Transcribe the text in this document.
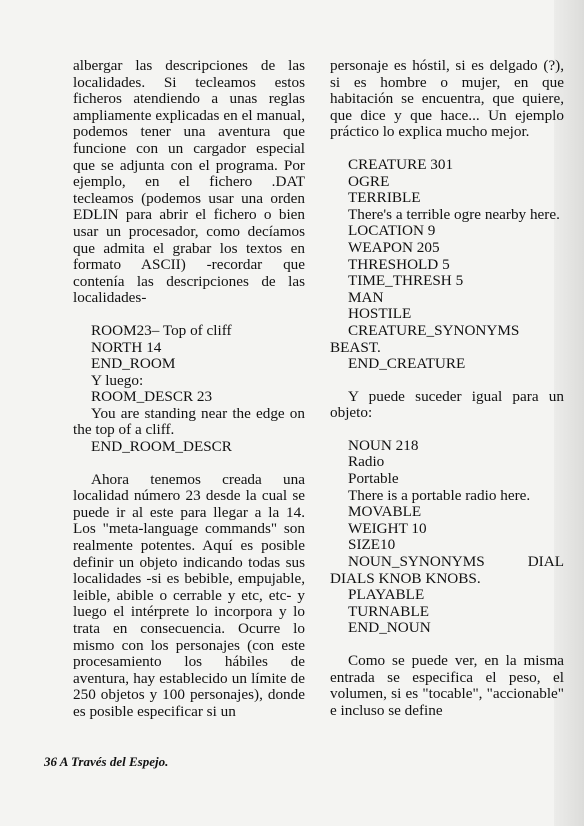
albergar las descripciones de las localidades. Si tecleamos estos ficheros atendiendo a unas reglas ampliamente explicadas en el manual, podemos tener una aventura que funcione con un cargador especial que se adjunta con el programa. Por ejemplo, en el fichero .DAT tecleamos (podemos usar una orden EDLIN para abrir el fichero o bien usar un procesador, como decíamos que admita el grabar los textos en formato ASCII) -recordar que contenía las descripciones de las localidades-

ROOM23– Top of cliff

NORTH 14

END_ROOM

Y luego:

ROOM_DESCR 23

You are standing near the edge on the top of a cliff.

END_ROOM_DESCR

Ahora tenemos creada una localidad número 23 desde la cual se puede ir al este para llegar a la 14. Los "meta-language commands" son realmente potentes. Aquí es posible definir un objeto indicando todas sus localidades -si es bebible, empujable, leible, abible o cerrable y etc, etc- y luego el intérprete lo incorpora y lo trata en consecuencia. Ocurre lo mismo con los personajes (con este procesamiento los hábiles de aventura, hay establecido un límite de 250 objetos y 100 personajes), donde es posible especificar si un

personaje es hóstil, si es delgado (?), si es hombre o mujer, en que habitación se encuentra, que quiere, que dice y que hace... Un ejemplo práctico lo explica mucho mejor.

CREATURE 301

OGRE

TERRIBLE

There's a terrible ogre nearby here.

LOCATION 9

WEAPON 205

THRESHOLD 5

TIME_THRESH 5

MAN

HOSTILE

CREATURE_SYNONYMS BEAST.

END_CREATURE

Y puede suceder igual para un objeto:

NOUN 218

Radio

Portable

There is a portable radio here.

MOVABLE

WEIGHT 10

SIZE10

NOUN_SYNONYMS DIAL DIALS KNOB KNOBS.

PLAYABLE

TURNABLE

END_NOUN

Como se puede ver, en la misma entrada se especifica el peso, el volumen, si es "tocable", "accionable" e incluso se define

36 A Través del Espejo.
